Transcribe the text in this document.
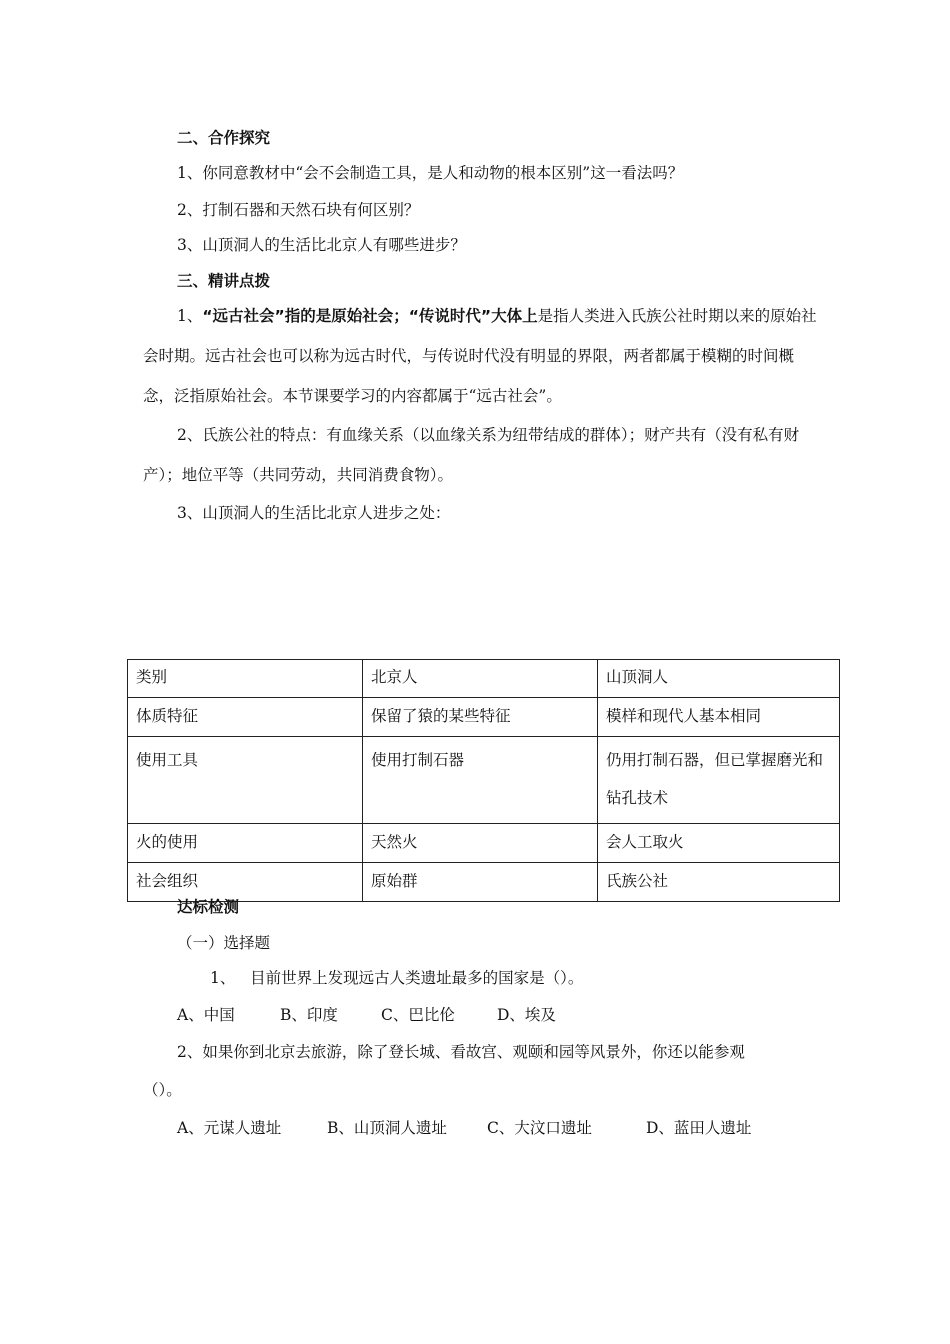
二、合作探究
1、你同意教材中“会不会制造工具，是人和动物的根本区别”这一看法吗？
2、打制石器和天然石块有何区别？
3、山顶洞人的生活比北京人有哪些进步？
三、精讲点拨
1、“远古社会”指的是原始社会；“传说时代”大体上是指人类进入氏族公社时期以来的原始社会时期。远古社会也可以称为远古时代，与传说时代没有明显的界限，两者都属于模糊的时间概念，泛指原始社会。本节课要学习的内容都属于“远古社会”。
2、氏族公社的特点：有血缘关系（以血缘关系为纽带结成的群体）；财产共有（没有私有财产）；地位平等（共同劳动，共同消费食物）。
3、山顶洞人的生活比北京人进步之处：
类别	北京人	山顶洞人
体质特征	保留了猿的某些特征	模样和现代人基本相同
使用工具	使用打制石器	仍用打制石器，但已掌握磨光和钻孔技术
火的使用	天然火	会人工取火
社会组织	原始群	氏族公社
达标检测
（一）选择题
1、   目前世界上发现远古人类遗址最多的国家是（）。
A、中国	B、印度	C、巴比伦	D、埃及
2、如果你到北京去旅游，除了登长城、看故宫、观颐和园等风景外，你还以能参观
（）。
A、元谋人遗址	B、山顶洞人遗址	C、大汶口遗址	D、蓝田人遗址
